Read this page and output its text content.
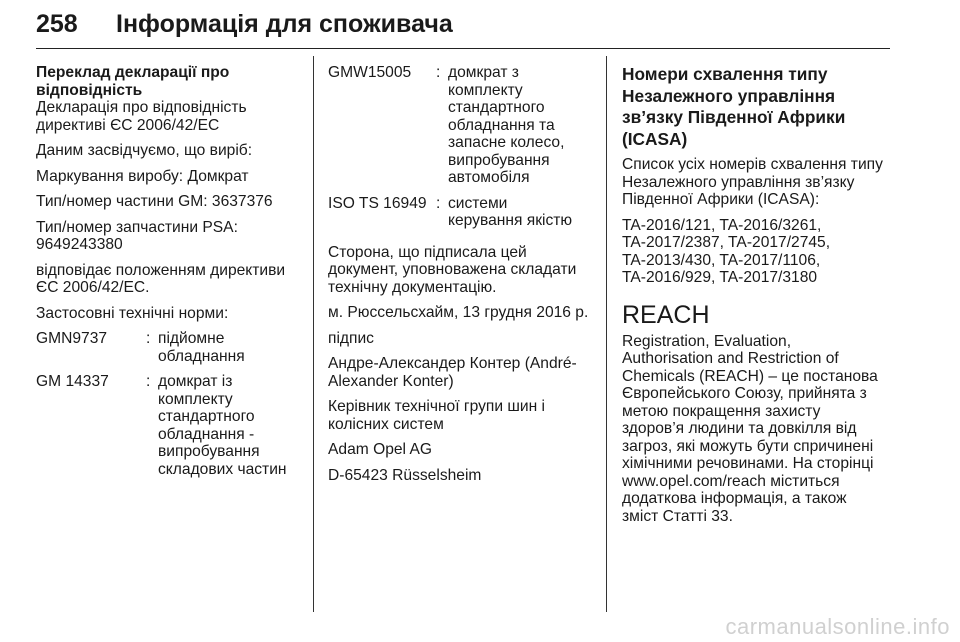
258 Інформація для споживача
Переклад декларації про
відповідність
Декларація про відповідність
директиві ЄС 2006/42/EC
Даним засвідчуємо, що виріб:
Маркування виробу: Домкрат
Тип/номер частини GM: 3637376
Тип/номер запчастини PSA:
9649243380
відповідає положенням директиви
ЄС 2006/42/EC.
Застосовні технічні норми:
GMN9737	: підйомне
обладнання
GM 14337	: домкрат із
комплекту
стандартного
обладнання -
випробування
складових частин
GMW15005	: домкрат з
комплекту
стандартного
обладнання та
запасне колесо,
випробування
автомобіля
ISO TS 16949 : системи
керування якістю
Сторона, що підписала цей
документ, уповноважена складати
технічну документацію.
м. Рюссельсхайм, 13 грудня 2016 р.
підпис
Андре-Александер Контер (André-
Alexander Konter)
Керівник технічної групи шин і
колісних систем
Adam Opel AG
D-65423 Rüsselsheim
Номери схвалення типу
Незалежного управління
зв’язку Південної Африки
(ICASA)
Список усіх номерів схвалення типу
Незалежного управління зв’язку
Південної Африки (ICASA):
TA-2016/121, TA-2016/3261,
TA-2017/2387, TA-2017/2745,
TA-2013/430, TA-2017/1106,
TA-2016/929, TA-2017/3180
REACH
Registration, Evaluation,
Authorisation and Restriction of
Chemicals (REACH) – це постанова
Європейського Союзу, прийнята з
метою покращення захисту
здоров’я людини та довкілля від
загроз, які можуть бути спричинені
хімічними речовинами. На сторінці
www.opel.com/reach міститься
додаткова інформація, а також
зміст Статті 33.
carmanualsonline.info
